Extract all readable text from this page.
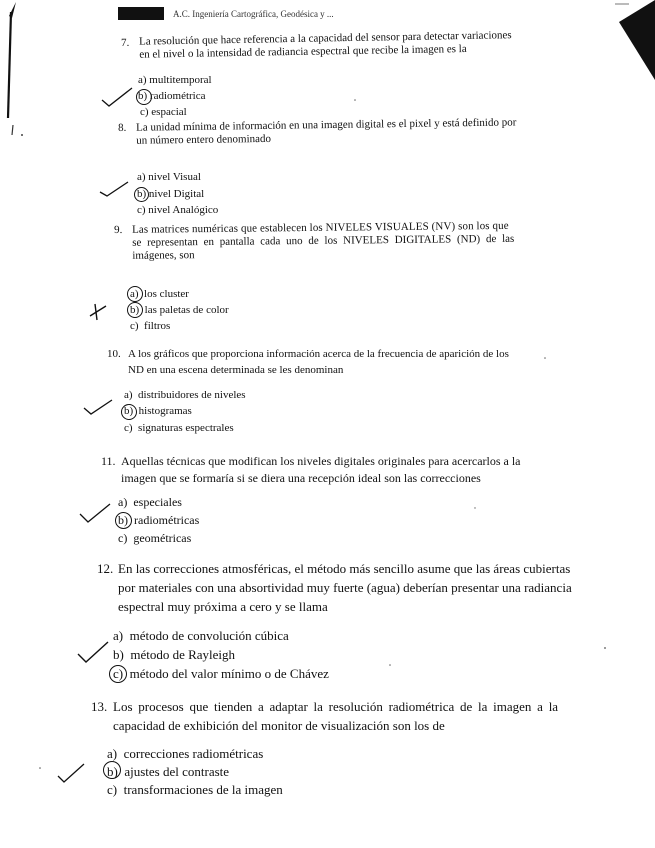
A.C. Ingeniería Cartográfica, Geodésica y ...
7. La resolución que hace referencia a la capacidad del sensor para detectar variaciones
en el nivel o la intensidad de radiancia espectral que recibe la imagen es la
a) multitemporal
b) radiométrica
c) espacial
8. La unidad mínima de información en una imagen digital es el pixel y está definido por
un número entero denominado
a) nivel Visual
b) nivel Digital
c) nivel Analógico
9. Las matrices numéricas que establecen los NIVELES VISUALES (NV) son los que
se representan en pantalla cada uno de los NIVELES DIGITALES (ND) de las
imágenes, son
a) los cluster
b) las paletas de color
c) filtros
10. A los gráficos que proporciona información acerca de la frecuencia de aparición de los
ND en una escena determinada se les denominan
a) distribuidores de niveles
b) histogramas
c) signaturas espectrales
11. Aquellas técnicas que modifican los niveles digitales originales para acercarlos a la
imagen que se formaría si se diera una recepción ideal son las correcciones
a) especiales
b) radiométricas
c) geométricas
12. En las correcciones atmosféricas, el método más sencillo asume que las áreas cubiertas
por materiales con una absortividad muy fuerte (agua) deberían presentar una radiancia
espectral muy próxima a cero y se llama
a) método de convolución cúbica
b) método de Rayleigh
c) método del valor mínimo o de Chávez
13. Los procesos que tienden a adaptar la resolución radiométrica de la imagen a la
capacidad de exhibición del monitor de visualización son los de
a) correcciones radiométricas
b) ajustes del contraste
c) transformaciones de la imagen
